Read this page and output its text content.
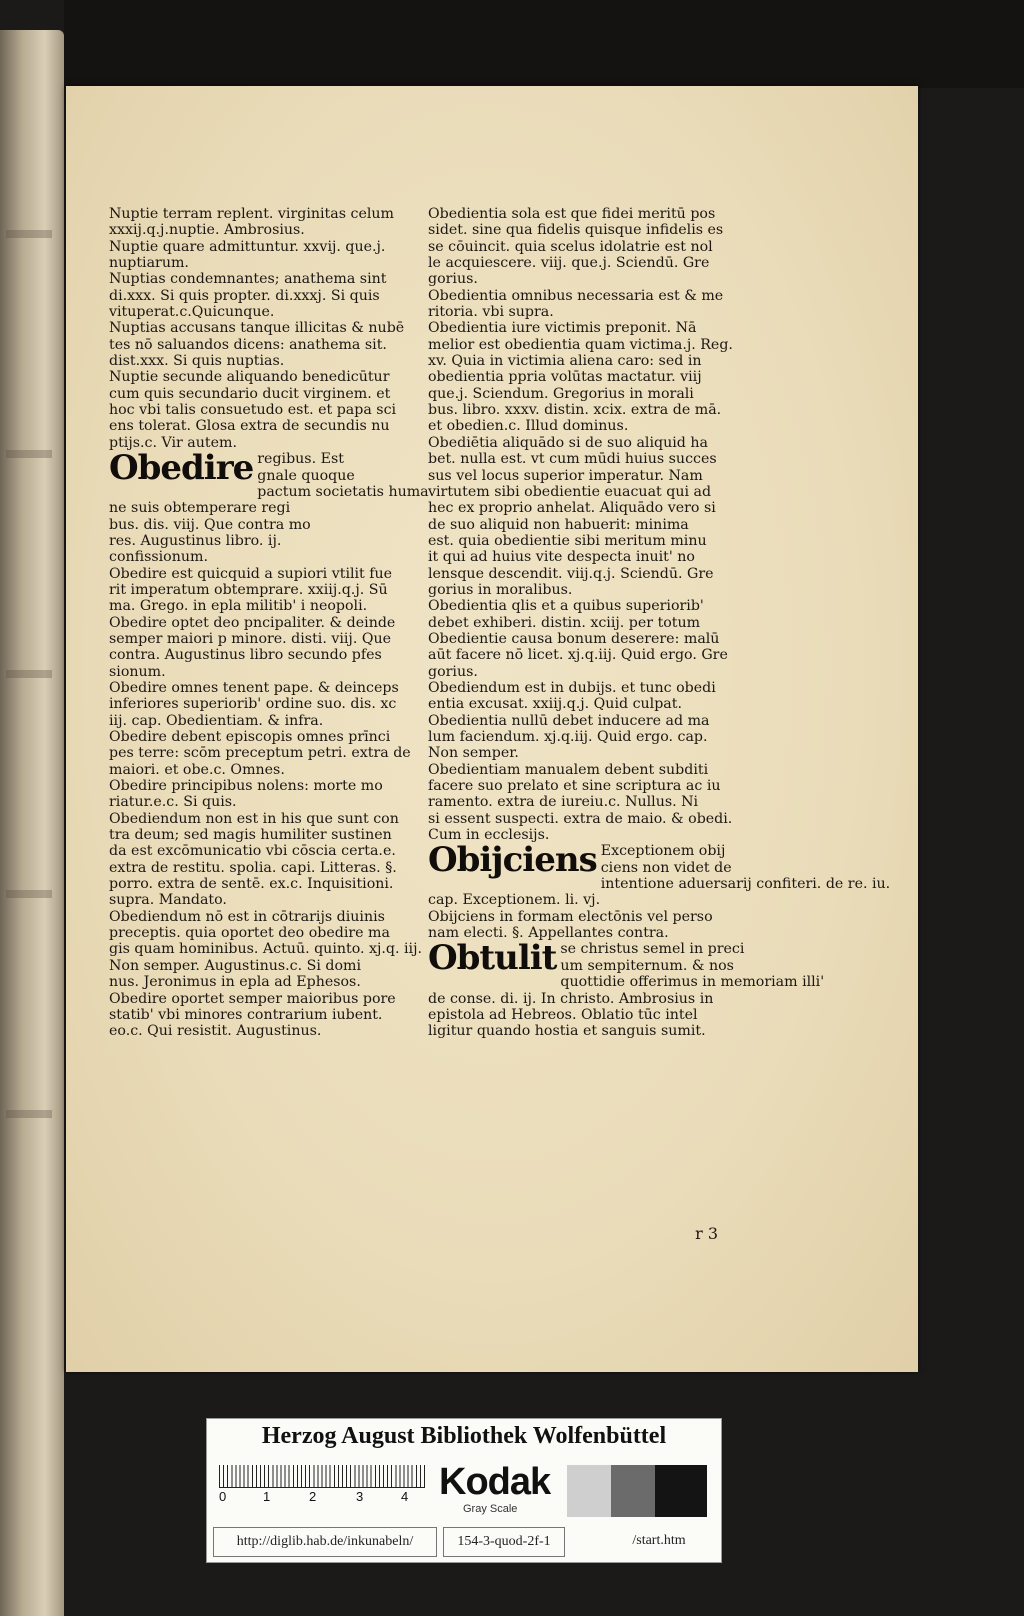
Nuptie terram replent. virginitas celum
xxxij.q.j.nuptie. Ambrosius.
Nuptie quare admittuntur. xxvij. que.j.
nuptiarum.
Nuptias condemnantes; anathema sint
di.xxx. Si quis propter. di.xxxj. Si quis
vituperat.c.Quicunque.
Nuptias accusans tanque illicitas & nubē
tes nō saluandos dicens: anathema sit.
dist.xxx. Si quis nuptias.
Nuptie secunde aliquando benedicūtur
cum quis secundario ducit virginem. et
hoc vbi talis consuetudo est. et papa sci
ens tolerat. Glosa extra de secundis nu
ptijs.c. Vir autem.
Obedire regibus. Est
gnale quoque
pactum societatis huma
ne suis obtemperare regi
bus. dis. viij. Que contra mo
res. Augustinus libro. ij.
confissionum.
Obedire est quicquid a supiori vtilit fue
rit imperatum obtemprare. xxiij.q.j. Sū
ma. Grego. in epla militib' i neopoli.
Obedire optet deo pncipaliter. & deinde
semper maiori p minore. disti. viij. Que
contra. Augustinus libro secundo pfes
sionum.
Obedire omnes tenent pape. & deinceps
inferiores superiorib' ordine suo. dis. xc
iij. cap. Obedientiam. & infra.
Obedire debent episcopis omnes prīnci
pes terre: scōm preceptum petri. extra de
maiori. et obe.c. Omnes.
Obedire principibus nolens: morte mo
riatur.e.c. Si quis.
Obediendum non est in his que sunt con
tra deum; sed magis humiliter sustinen
da est excōmunicatio vbi cōscia certa.e.
extra de restitu. spolia. capi. Litteras. §.
porro. extra de sentē. ex.c. Inquisitioni.
supra. Mandato.
Obediendum nō est in cōtrarijs diuinis
preceptis. quia oportet deo obedire ma
gis quam hominibus. Actuū. quinto. xj.q. iij.
Non semper. Augustinus.c. Si domi
nus. Jeronimus in epla ad Ephesos.
Obedire oportet semper maioribus pore
statib' vbi minores contrarium iubent.
eo.c. Qui resistit. Augustinus.
Obedientia sola est que fidei meritū pos
sidet. sine qua fidelis quisque infidelis es
se cōuincit. quia scelus idolatrie est nol
le acquiescere. viij. que.j. Sciendū. Gre
gorius.
Obedientia omnibus necessaria est & me
ritoria. vbi supra.
Obedientia iure victimis preponit. Nā
melior est obedientia quam victima.j. Reg.
xv. Quia in victimia aliena caro: sed in
obedientia ppria volūtas mactatur. viij
que.j. Sciendum. Gregorius in morali
bus. libro. xxxv. distin. xcix. extra de mā.
et obedien.c. Illud dominus.
Obediētia aliquādo si de suo aliquid ha
bet. nulla est. vt cum mūdi huius succes
sus vel locus superior imperatur. Nam
virtutem sibi obedientie euacuat qui ad
hec ex proprio anhelat. Aliquādo vero si
de suo aliquid non habuerit: minima
est. quia obedientie sibi meritum minu
it qui ad huius vite despecta inuit' no
lensque descendit. viij.q.j. Sciendū. Gre
gorius in moralibus.
Obedientia qlis et a quibus superiorib'
debet exhiberi. distin. xciij. per totum
Obedientie causa bonum deserere: malū
aūt facere nō licet. xj.q.iij. Quid ergo. Gre
gorius.
Obediendum est in dubijs. et tunc obedi
entia excusat. xxiij.q.j. Quid culpat.
Obedientia nullū debet inducere ad ma
lum faciendum. xj.q.iij. Quid ergo. cap.
Non semper.
Obedientiam manualem debent subditi
facere suo prelato et sine scriptura ac iu
ramento. extra de iureiu.c. Nullus. Ni
si essent suspecti. extra de maio. & obedi.
Cum in ecclesijs.
Obijciens Exceptionem obij
ciens non videt de
intentione aduersarij confiteri. de re. iu.
cap. Exceptionem. li. vj.
Obijciens in formam electōnis vel perso
nam electi. §. Appellantes contra.
Obtulit se christus semel in preci
um sempiternum. & nos
quottidie offerimus in memoriam illi'
de conse. di. ij. In christo. Ambrosius in
epistola ad Hebreos. Oblatio tūc intel
ligitur quando hostia et sanguis sumit.
r 3
Herzog August Bibliothek Wolfenbüttel
0	1	2	3	4 Kodak
Gray Scale
http://diglib.hab.de/inkunabeln/	154-3-quod-2f-1	/start.htm
